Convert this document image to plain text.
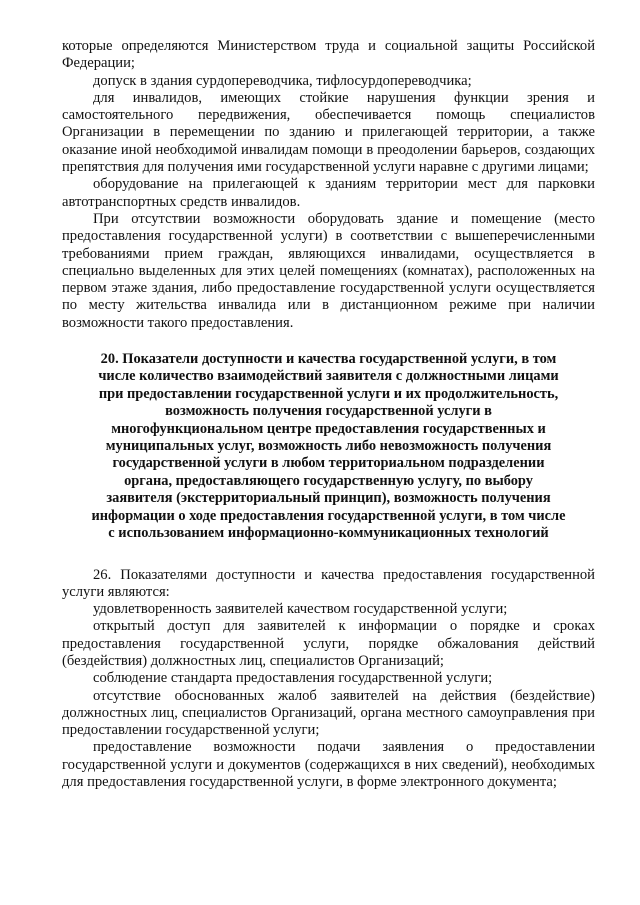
которые определяются Министерством труда и социальной защиты Российской Федерации;

допуск в здания сурдопереводчика, тифлосурдопереводчика;

для инвалидов, имеющих стойкие нарушения функции зрения и самостоятельного передвижения, обеспечивается помощь специалистов Организации в перемещении по зданию и прилегающей территории, а также оказание иной необходимой инвалидам помощи в преодолении барьеров, создающих препятствия для получения ими государственной услуги наравне с другими лицами;

оборудование на прилегающей к зданиям территории мест для парковки автотранспортных средств инвалидов.

При отсутствии возможности оборудовать здание и помещение (место предоставления государственной услуги) в соответствии с вышеперечисленными требованиями прием граждан, являющихся инвалидами, осуществляется в специально выделенных для этих целей помещениях (комнатах), расположенных на первом этаже здания, либо предоставление государственной услуги осуществляется по месту жительства инвалида или в дистанционном режиме при наличии возможности такого предоставления.

20. Показатели доступности и качества государственной услуги, в том числе количество взаимодействий заявителя с должностными лицами при предоставлении государственной услуги и их продолжительность, возможность получения государственной услуги в многофункциональном центре предоставления государственных и муниципальных услуг, возможность либо невозможность получения государственной услуги в любом территориальном подразделении органа, предоставляющего государственную услугу, по выбору заявителя (экстерриториальный принцип), возможность получения информации о ходе предоставления государственной услуги, в том числе с использованием информационно-коммуникационных технологий

26. Показателями доступности и качества предоставления государственной услуги являются:

удовлетворенность заявителей качеством государственной услуги;

открытый доступ для заявителей к информации о порядке и сроках предоставления государственной услуги, порядке обжалования действий (бездействия) должностных лиц, специалистов Организаций;

соблюдение стандарта предоставления государственной услуги;

отсутствие обоснованных жалоб заявителей на действия (бездействие) должностных лиц, специалистов Организаций, органа местного самоуправления при предоставлении государственной услуги;

предоставление возможности подачи заявления о предоставлении государственной услуги и документов (содержащихся в них сведений), необходимых для предоставления государственной услуги, в форме электронного документа;
